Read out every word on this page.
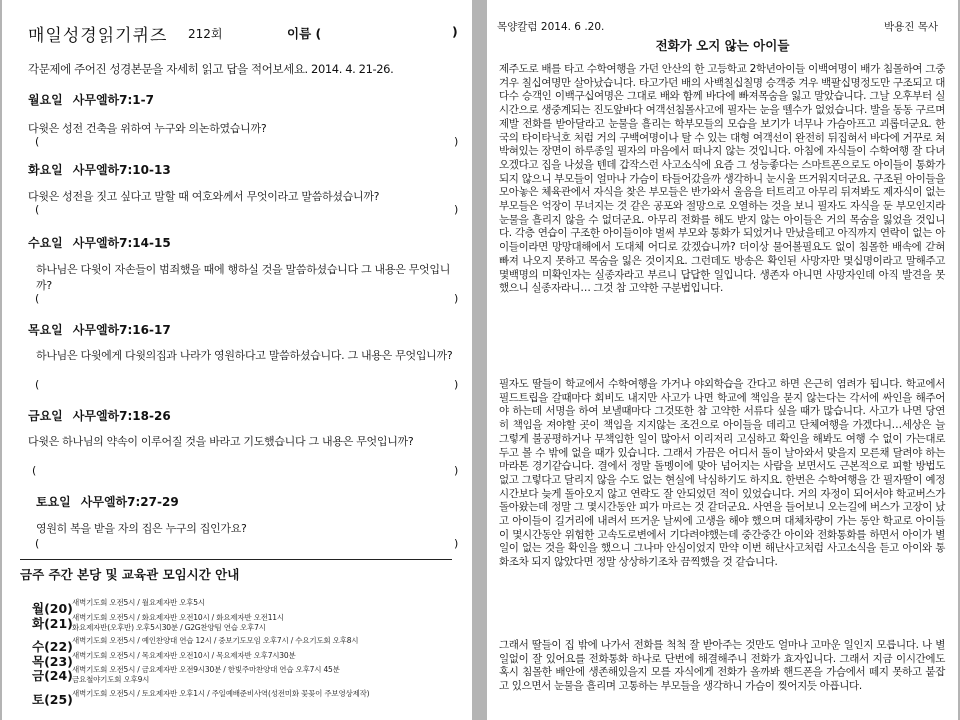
매일성경읽기퀴즈 212회	이름 (	)
각문제에 주어진 성경본문을 자세히 읽고 답을 적어보세요. 2014. 4. 21-26.
월요일 사무엘하7:1-7
다윗은 성전 건축을 위하여 누구와 의논하였습니까?
(	)
화요일 사무엘하7:10-13
다윗은 성전을 짓고 싶다고 말할 때 여호와께서 무엇이라고 말씀하셨습니까?
(	)
수요일 사무엘하7:14-15
하나님은 다윗이 자손들이 범죄했을 때에 행하실 것을 말씀하셨습니다 그 내용은 무엇입니까?
(	)
목요일 사무엘하7:16-17
하나님은 다윗에게 다윗의집과 나라가 영원하다고 말씀하셨습니다. 그 내용은 무엇입니까?
(	)
금요일 사무엘하7:18-26
다윗은 하나님의 약속이 이루어질 것을 바라고 기도했습니다 그 내용은 무엇입니까?
(	)
토요일 사무엘하7:27-29
영원히 복을 받을 자의 집은 누구의 집인가요?
(	)
금주 주간 본당 및 교육관 모임시간 안내
월(20)새벽기도회 오전5시 / 월요제자반 오후5시
화(21)새벽기도회 오전5시 / 화요제자반 오전10시 / 화요제자반 오전11시
화요제자반(오후반) 오후5시30분 / G2G찬양팀 연습 오후7시
수(22)새벽기도회 오전5시 / 예인찬양대 연습 12시 / 중보기도모임 오후7시 / 수요기도회 오후8시
목(23)새벽기도회 오전5시 / 목요제자반 오전10시 / 목요제자반 오후7시30분
금(24)새벽기도회 오전5시 / 금요제자반 오전9시30분 / 한빛주마찬양대 연습 오후7시 45분
금요철야기도회 오후9시
토(25)새벽기도회 오전5시 / 토요제자반 오후1시 / 주일예배준비사역(성전미화 꽃꽂이 주보영상제작)
목양칼럼 2014. 6 .20.	박용진 목사
전화가 오지 않는 아이들
제주도로 배를 타고 수학여행을 가던 안산의 한 고등학교 2학년아이들 이백여명이 배가 침몰하여 그중 겨우 칠십여명만 살아났습니다. 타고가던 배의 사백칠십칠명 승객중 겨우 백팔십명정도만 구조되고 대다수 승객인 이백구십여명은 그대로 배와 함께 바다에 빠져목숨을 잃고 말았습니다. 그날 오후부터 실시간으로 생중계되는 진도앞바다 여객선침몰사고에 필자는 눈을 뗄수가 없었습니다. 발을 동동 구르며 제발 전화를 받아달라고 눈물을 흘리는 학부모들의 모습을 보기가 너무나 가슴아프고 괴롭더군요. 한국의 타이타닉호 처럼 거의 구백여명이나 탈 수 있는 대형 여객선이 완전히 뒤집혀서 바다에 거꾸로 쳐박혀있는 장면이 하루종일 필자의 마음에서 떠나지 않는 것입니다. 아침에 자식들이 수학여행 잘 다녀오겠다고 집을 나섰을 텐데 갑작스런 사고소식에 요즘 그 성능좋다는 스마트폰으로도 아이들이 통화가 되지 않으니 부모들이 얼마나 가슴이 타들어갔을까 생각하니 눈시울 뜨거워지더군요. 구조된 아이들을 모아놓은 체육관에서 자식을 찾은 부모들은 반가와서 울음을 터트리고 아무리 뒤져봐도 제자식이 없는 부모들은 억장이 무너지는 것 같은 공포와 절망으로 오열하는 것을 보니 필자도 자식을 둔 부모인지라 눈물을 흘리지 않을 수 없더군요. 아무리 전화를 해도 받지 않는 아이들은 거의 목숨을 잃었을 것입니다. 각층 연습이 구조한 아이들이야 벌써 부모와 통화가 되었거나 만났을테고 아직까지 연락이 없는 아이들이라면 망망대해에서 도대체 어디로 갔겠습니까? 더이상 물어볼필요도 없이 침몰한 배속에 갇혀 빠져 나오지 못하고 목숨을 잃은 것이지요. 그런데도 방송은 확인된 사망자만 몇십명이라고 말해주고 몇백명의 미확인자는 실종자라고 부르니 답답한 일입니다. 생존자 아니면 사망자인데 아직 발견을 못했으니 실종자라니… 그것 참 고약한 구분법입니다.
필자도 딸들이 학교에서 수학여행을 가거나 야외학습을 간다고 하면 은근히 염려가 됩니다. 학교에서 필드트립을 갈때마다 회비도 내지만 사고가 나면 학교에 책임을 묻지 않는다는 각서에 싸인을 해주어야 하는데 서명을 하여 보낼때마다 그것또한 참 고약한 서류다 싶을 때가 많습니다. 사고가 나면 당연히 책임을 져야할 곳이 책임을 지지않는 조건으로 아이들을 데리고 단체여행을 가겠다니…세상은 늘 그렇게 불공평하거나 무책임한 일이 많아서 이리저리 고심하고 확인을 해봐도 여행 수 없이 가는대로 두고 볼 수 밖에 없을 때가 있습니다. 그래서 가끔은 어디서 돌이 날아와서 맞을지 모른채 달려야 하는 마라톤 경기같습니다. 결에서 정말 돌멩이에 맞아 넘어지는 사람을 보면서도 근본적으로 피할 방법도 없고 그렇다고 달리지 않을 수도 없는 현실에 낙심하기도 하지요. 한번은 수학여행을 간 필자딸이 예정시간보다 늦게 돌아오지 않고 연락도 잘 안되었던 적이 있었습니다. 거의 자정이 되어서야 학교버스가 돌아왔는데 정말 그 몇시간동안 피가 마르는 것 같더군요. 사연을 들어보니 오는길에 버스가 고장이 났고 아이들이 길거리에 내려서 뜨거운 날씨에 고생을 해야 했으며 대체차량이 가는 동안 학교로 아이들이 몇시간동안 위험한 고속도로변에서 기다려야했는데 중간중간 아이와 전화통화를 하면서 아이가 별일이 없는 것을 확인을 했으니 그나마 안심이었지 만약 이번 해난사고처럼 사고소식을 듣고 아이와 통화조차 되지 않았다면 정말 상상하기조차 끔찍했을 것 같습니다.
그래서 딸들이 집 밖에 나가서 전화를 척척 잘 받아주는 것만도 얼마나 고마운 일인지 모릅니다. 나 별일없이 잘 있어요를 전화통화 하나로 단번에 해결해주니 전화가 효자입니다. 그래서 지금 이시간에도 혹시 침몰한 배안에 생존해있을지 모를 자식에게 전화가 올까봐 핸드폰을 가슴에서 떼지 못하고 붙잡고 있으면서 눈물을 흘리며 고통하는 부모들을 생각하니 가슴이 찢어지듯 아픕니다.
